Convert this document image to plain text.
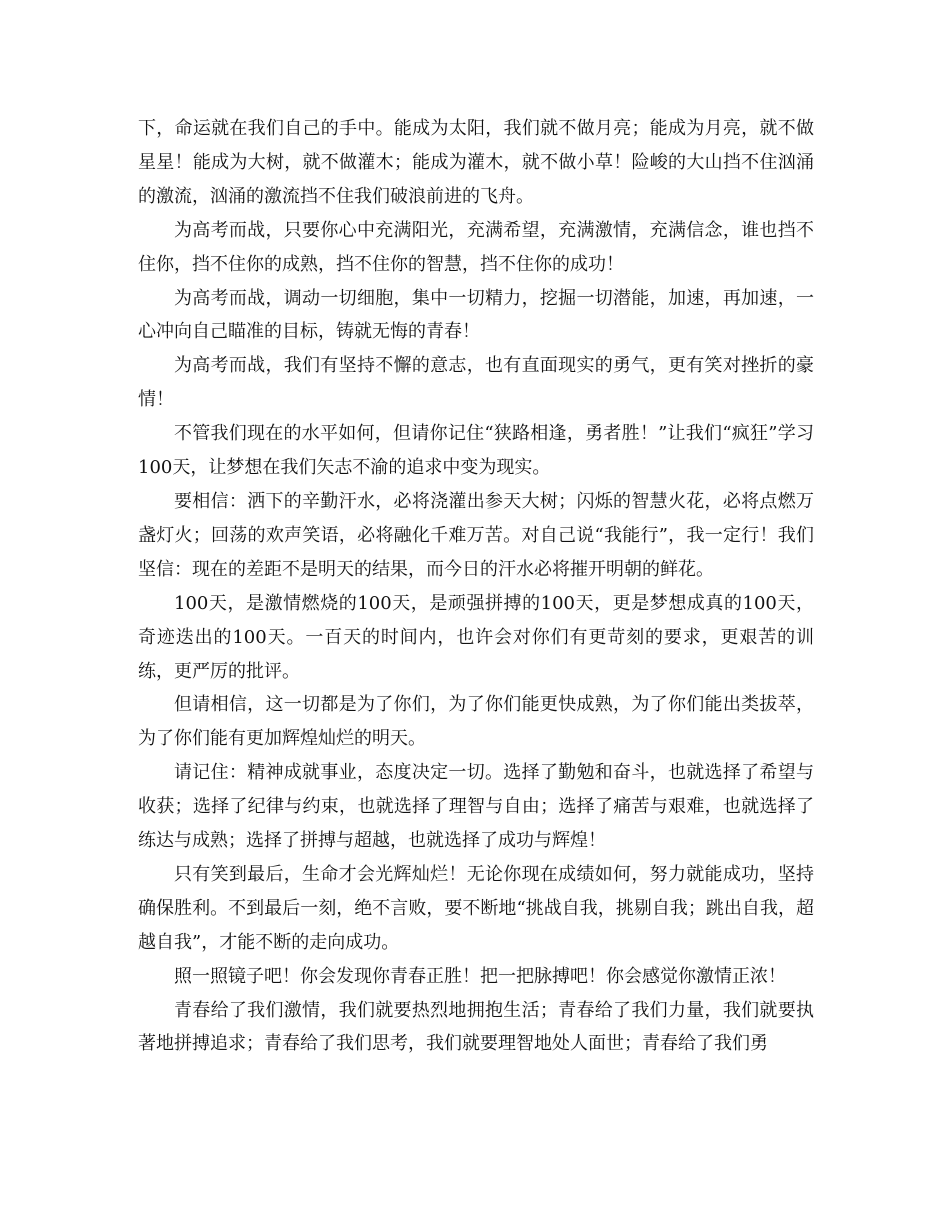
下，命运就在我们自己的手中。能成为太阳，我们就不做月亮；能成为月亮，就不做星星！能成为大树，就不做灌木；能成为灌木，就不做小草！险峻的大山挡不住汹涌的激流，汹涌的激流挡不住我们破浪前进的飞舟。

为高考而战，只要你心中充满阳光，充满希望，充满激情，充满信念，谁也挡不住你，挡不住你的成熟，挡不住你的智慧，挡不住你的成功！

为高考而战，调动一切细胞，集中一切精力，挖掘一切潜能，加速，再加速，一心冲向自己瞄准的目标，铸就无悔的青春！

为高考而战，我们有坚持不懈的意志，也有直面现实的勇气，更有笑对挫折的豪情！

不管我们现在的水平如何，但请你记住“狭路相逢，勇者胜！”让我们“疯狂”学习100天，让梦想在我们矢志不渝的追求中变为现实。

要相信：洒下的辛勤汗水，必将浇灌出参天大树；闪烁的智慧火花，必将点燃万盏灯火；回荡的欢声笑语，必将融化千难万苦。对自己说“我能行”，我一定行！我们坚信：现在的差距不是明天的结果，而今日的汗水必将摧开明朝的鲜花。

100天，是激情燃烧的100天，是顽强拼搏的100天，更是梦想成真的100天，奇迹迭出的100天。一百天的时间内，也许会对你们有更苛刻的要求，更艰苦的训练，更严厉的批评。

但请相信，这一切都是为了你们，为了你们能更快成熟，为了你们能出类拔萃，为了你们能有更加辉煌灿烂的明天。

请记住：精神成就事业，态度决定一切。选择了勤勉和奋斗，也就选择了希望与收获；选择了纪律与约束，也就选择了理智与自由；选择了痛苦与艰难，也就选择了练达与成熟；选择了拼搏与超越，也就选择了成功与辉煌！

只有笑到最后，生命才会光辉灿烂！无论你现在成绩如何，努力就能成功，坚持确保胜利。不到最后一刻，绝不言败，要不断地“挑战自我，挑剔自我；跳出自我，超越自我”，才能不断的走向成功。

照一照镜子吧！你会发现你青春正胜！把一把脉搏吧！你会感觉你激情正浓！

青春给了我们激情，我们就要热烈地拥抱生活；青春给了我们力量，我们就要执著地拼搏追求；青春给了我们思考，我们就要理智地处人面世；青春给了我们勇
